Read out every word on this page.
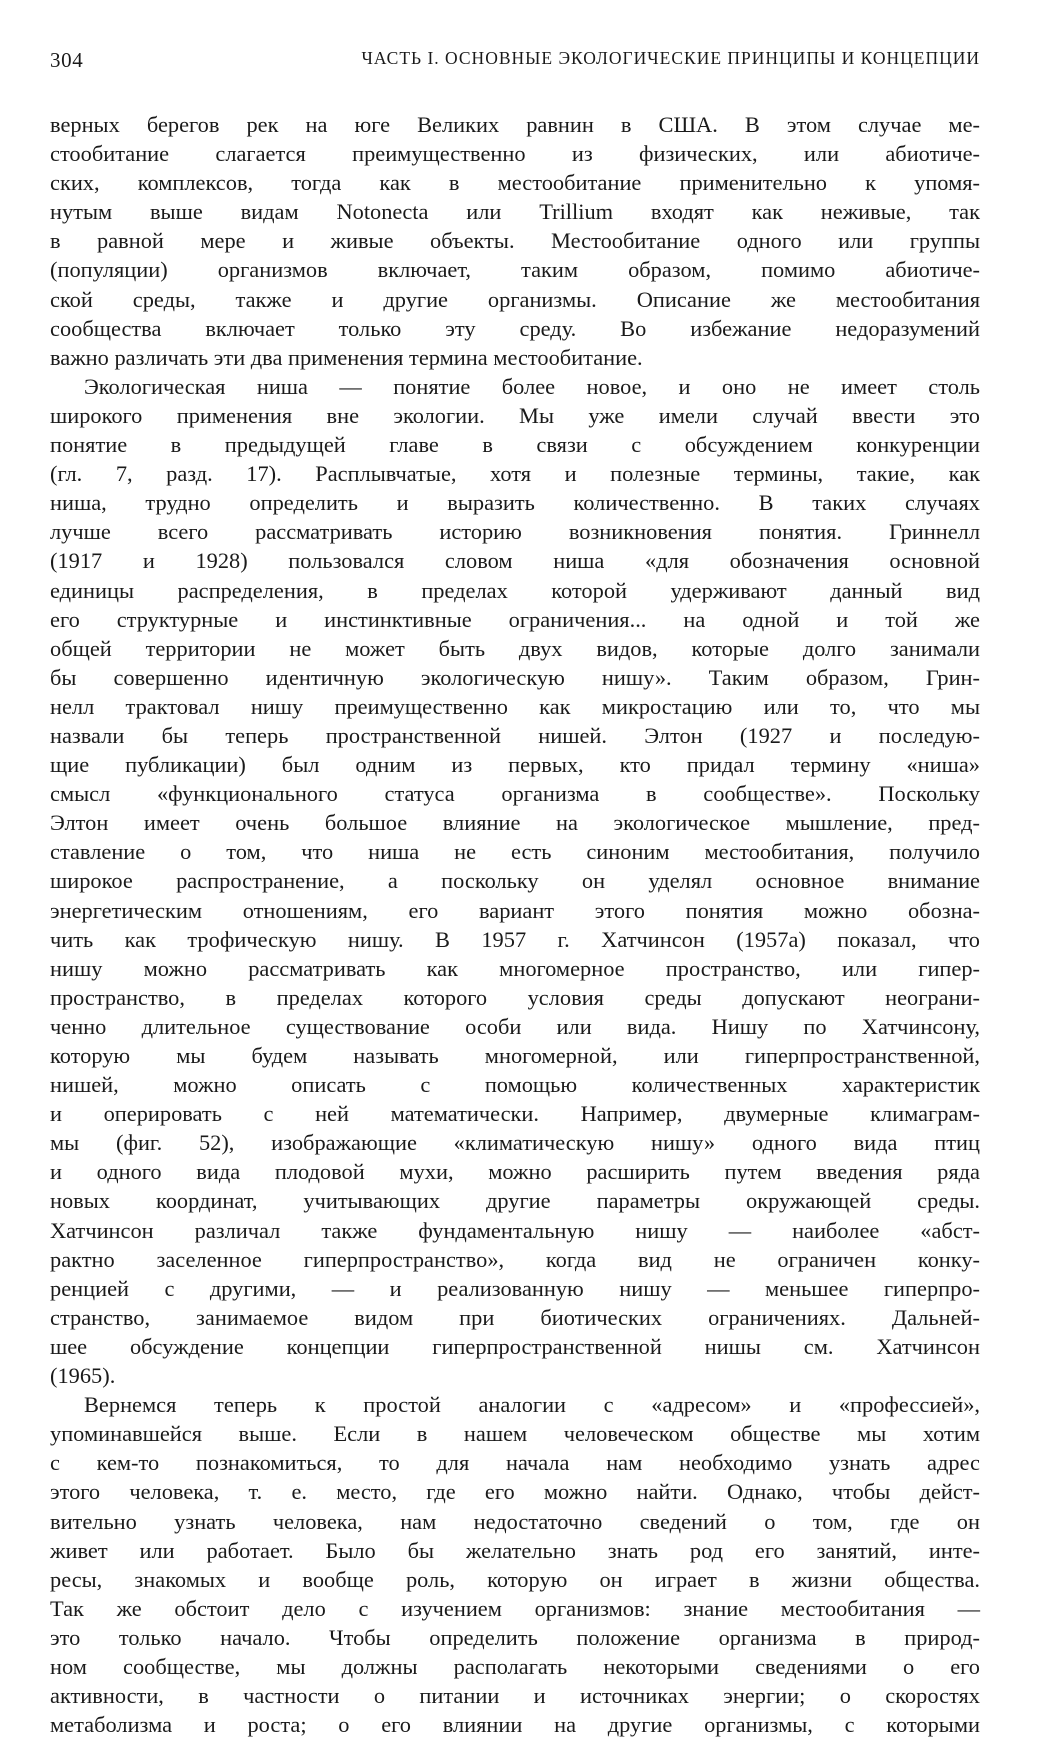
304	ЧАСТЬ I. ОСНОВНЫЕ ЭКОЛОГИЧЕСКИЕ ПРИНЦИПЫ И КОНЦЕПЦИИ
верных берегов рек на юге Великих равнин в США. В этом случае ме-
стообитание слагается преимущественно из физических, или абиотиче-
ских, комплексов, тогда как в местообитание применительно к упомя-
нутым выше видам Notonecta или Trillium входят как неживые, так
в равной мере и живые объекты. Местообитание одного или группы
(популяции) организмов включает, таким образом, помимо абиотиче-
ской среды, также и другие организмы. Описание же местообитания
сообщества включает только эту среду. Во избежание недоразумений
важно различать эти два применения термина местообитание.
Экологическая ниша — понятие более новое, и оно не имеет столь
широкого применения вне экологии. Мы уже имели случай ввести это
понятие в предыдущей главе в связи с обсуждением конкуренции
(гл. 7, разд. 17). Расплывчатые, хотя и полезные термины, такие, как
ниша, трудно определить и выразить количественно. В таких случаях
лучше всего рассматривать историю возникновения понятия. Гриннелл
(1917 и 1928) пользовался словом ниша «для обозначения основной
единицы распределения, в пределах которой удерживают данный вид
его структурные и инстинктивные ограничения... на одной и той же
общей территории не может быть двух видов, которые долго занимали
бы совершенно идентичную экологическую нишу». Таким образом, Грин-
нелл трактовал нишу преимущественно как микростацию или то, что мы
назвали бы теперь пространственной нишей. Элтон (1927 и последую-
щие публикации) был одним из первых, кто придал термину «ниша»
смысл «функционального статуса организма в сообществе». Поскольку
Элтон имеет очень большое влияние на экологическое мышление, пред-
ставление о том, что ниша не есть синоним местообитания, получило
широкое распространение, а поскольку он уделял основное внимание
энергетическим отношениям, его вариант этого понятия можно обозна-
чить как трофическую нишу. В 1957 г. Хатчинсон (1957а) показал, что
нишу можно рассматривать как многомерное пространство, или гипер-
пространство, в пределах которого условия среды допускают неограни-
ченно длительное существование особи или вида. Нишу по Хатчинсону,
которую мы будем называть многомерной, или гиперпространственной,
нишей, можно описать с помощью количественных характеристик
и оперировать с ней математически. Например, двумерные климаграм-
мы (фиг. 52), изображающие «климатическую нишу» одного вида птиц
и одного вида плодовой мухи, можно расширить путем введения ряда
новых координат, учитывающих другие параметры окружающей среды.
Хатчинсон различал также фундаментальную нишу — наиболее «абст-
рактно заселенное гиперпространство», когда вид не ограничен конку-
ренцией с другими, — и реализованную нишу — меньшее гиперпро-
странство, занимаемое видом при биотических ограничениях. Дальней-
шее обсуждение концепции гиперпространственной нишы см. Хатчинсон
(1965).
Вернемся теперь к простой аналогии с «адресом» и «профессией»,
упоминавшейся выше. Если в нашем человеческом обществе мы хотим
с кем-то познакомиться, то для начала нам необходимо узнать адрес
этого человека, т. е. место, где его можно найти. Однако, чтобы дейст-
вительно узнать человека, нам недостаточно сведений о том, где он
живет или работает. Было бы желательно знать род его занятий, инте-
ресы, знакомых и вообще роль, которую он играет в жизни общества.
Так же обстоит дело с изучением организмов: знание местообитания —
это только начало. Чтобы определить положение организма в природ-
ном сообществе, мы должны располагать некоторыми сведениями о его
активности, в частности о питании и источниках энергии; о скоростях
метаболизма и роста; о его влиянии на другие организмы, с которыми
